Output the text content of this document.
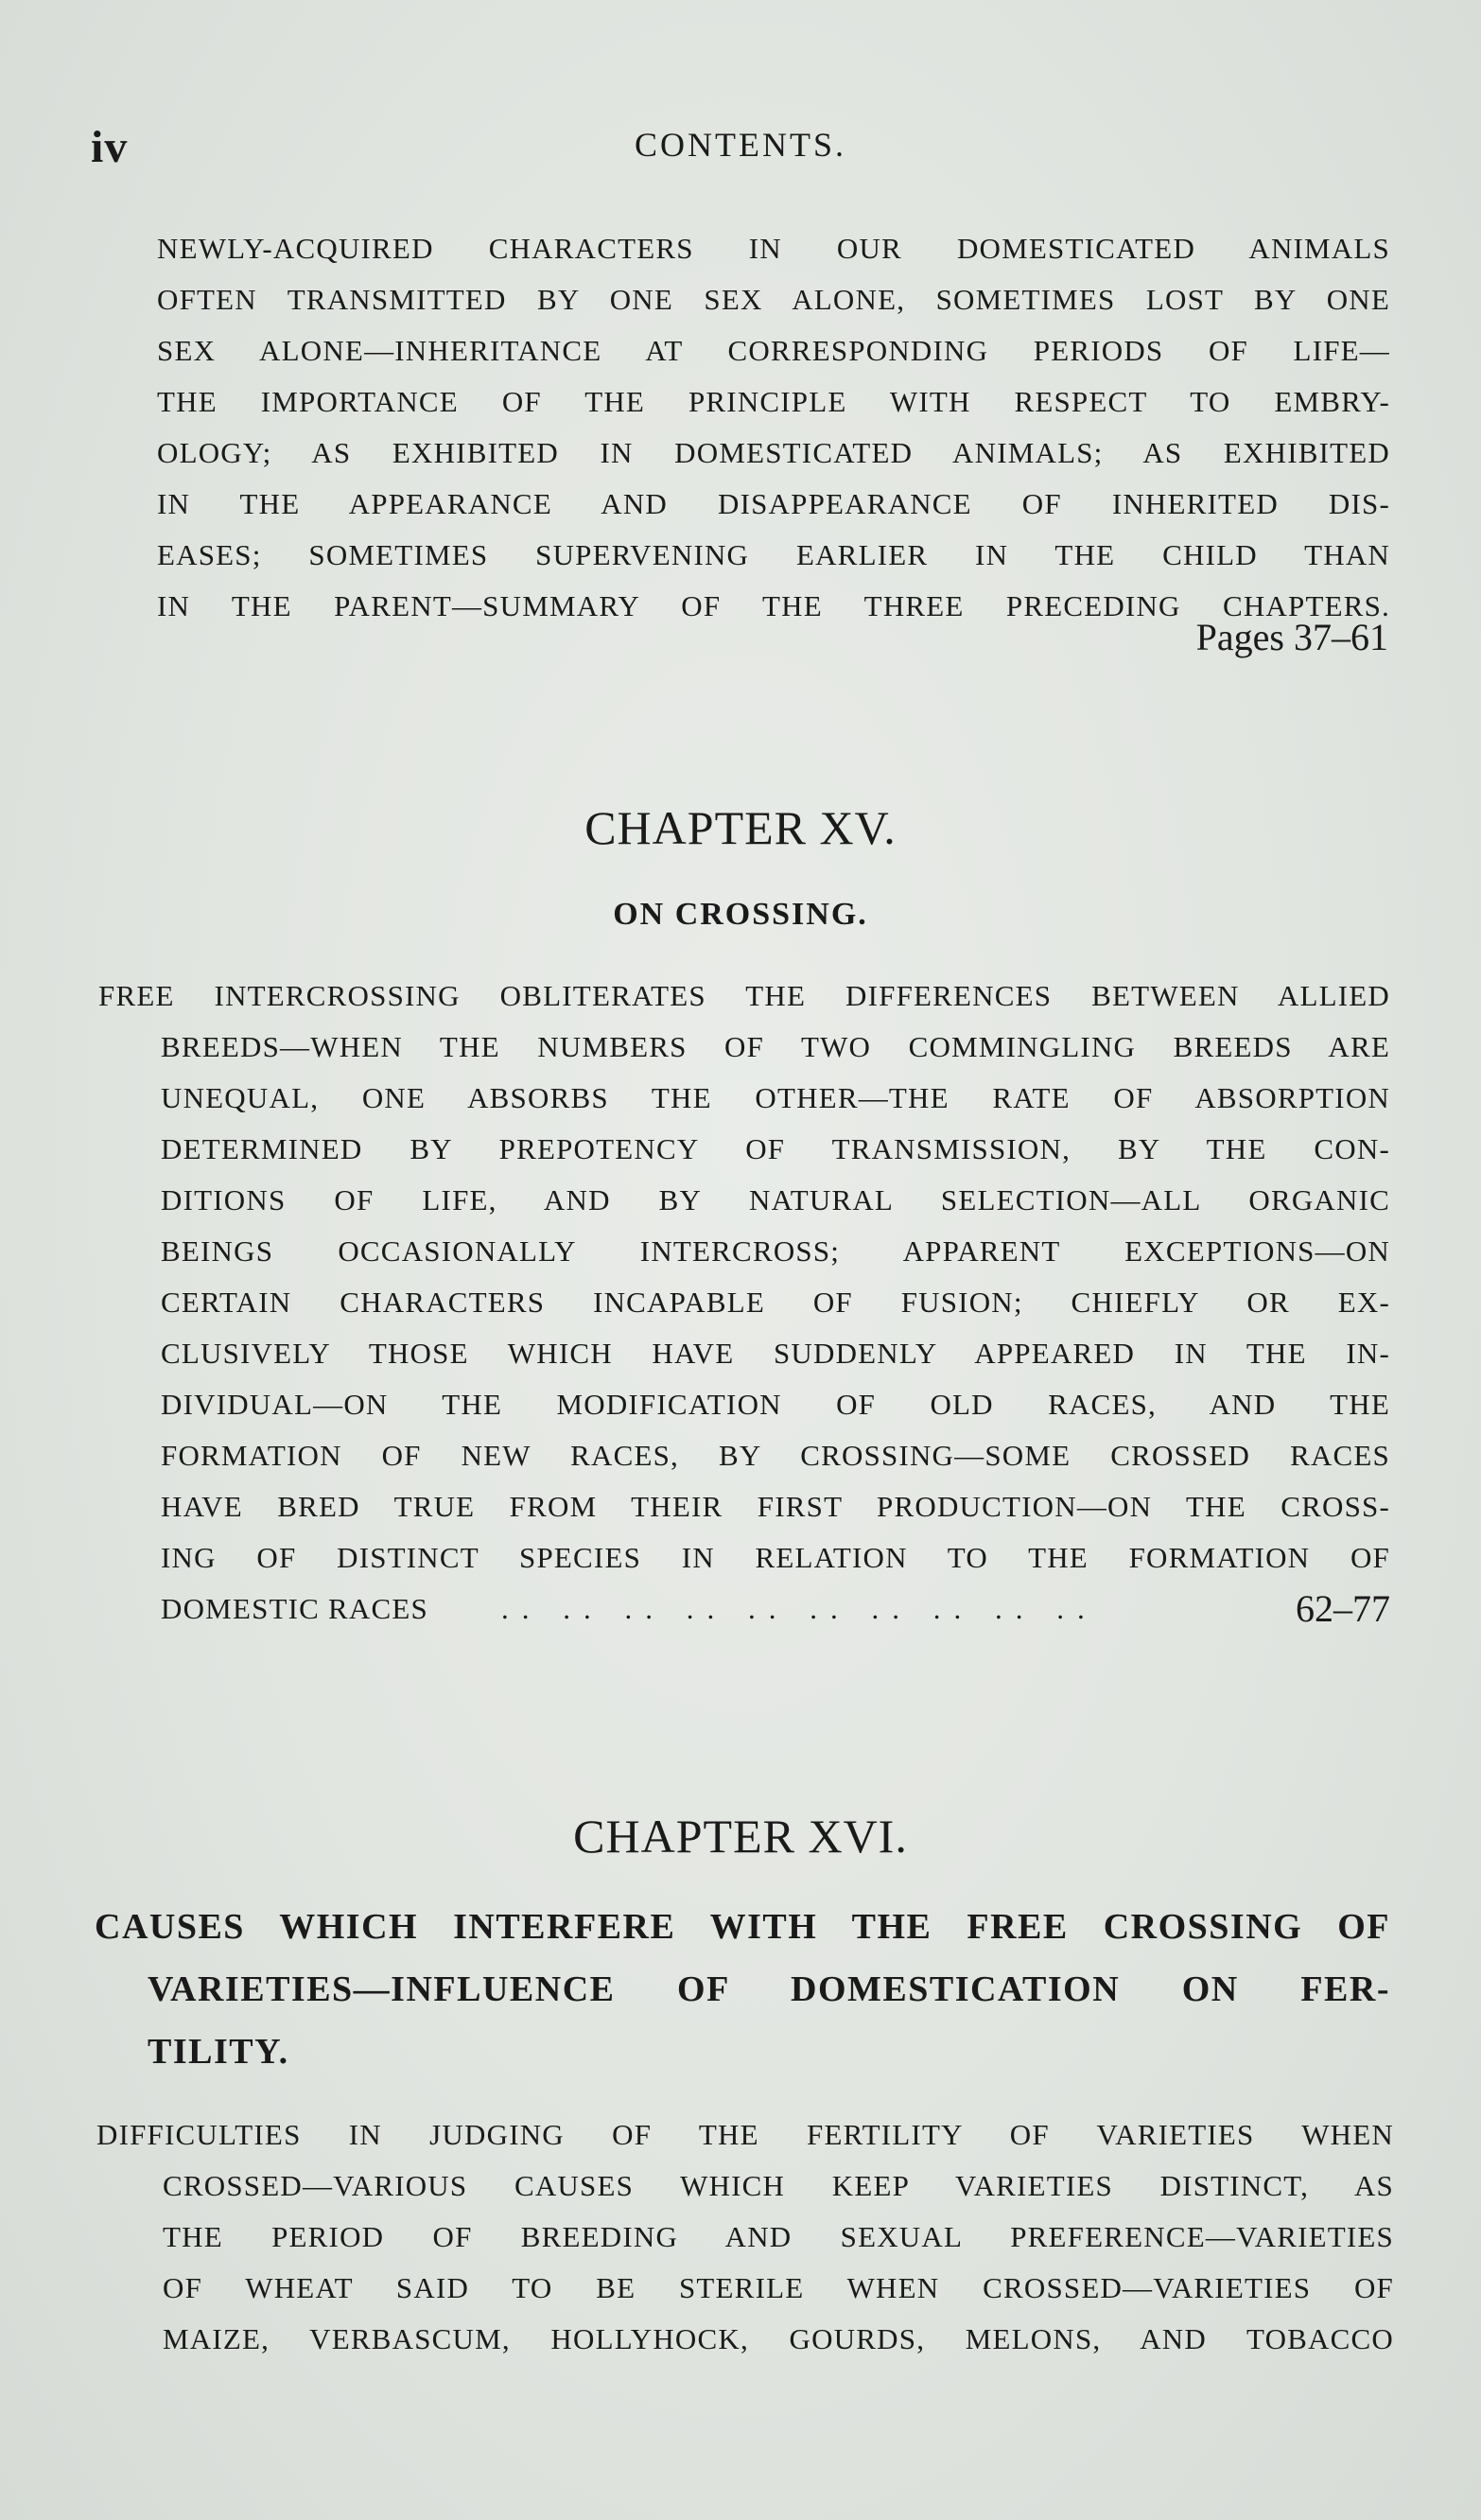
iv	CONTENTS.
NEWLY-ACQUIRED CHARACTERS IN OUR DOMESTICATED ANIMALS
OFTEN TRANSMITTED BY ONE SEX ALONE, SOMETIMES LOST BY ONE
SEX ALONE—INHERITANCE AT CORRESPONDING PERIODS OF LIFE—
THE IMPORTANCE OF THE PRINCIPLE WITH RESPECT TO EMBRY-
OLOGY; AS EXHIBITED IN DOMESTICATED ANIMALS; AS EXHIBITED
IN THE APPEARANCE AND DISAPPEARANCE OF INHERITED DIS-
EASES; SOMETIMES SUPERVENING EARLIER IN THE CHILD THAN
IN THE PARENT—SUMMARY OF THE THREE PRECEDING CHAPTERS.
Pages 37–61
CHAPTER XV.
ON CROSSING.
FREE INTERCROSSING OBLITERATES THE DIFFERENCES BETWEEN ALLIED
BREEDS—WHEN THE NUMBERS OF TWO COMMINGLING BREEDS ARE
UNEQUAL, ONE ABSORBS THE OTHER—THE RATE OF ABSORPTION
DETERMINED BY PREPOTENCY OF TRANSMISSION, BY THE CON-
DITIONS OF LIFE, AND BY NATURAL SELECTION—ALL ORGANIC
BEINGS OCCASIONALLY INTERCROSS; APPARENT EXCEPTIONS—ON
CERTAIN CHARACTERS INCAPABLE OF FUSION; CHIEFLY OR EX-
CLUSIVELY THOSE WHICH HAVE SUDDENLY APPEARED IN THE IN-
DIVIDUAL—ON THE MODIFICATION OF OLD RACES, AND THE
FORMATION OF NEW RACES, BY CROSSING—SOME CROSSED RACES
HAVE BRED TRUE FROM THEIR FIRST PRODUCTION—ON THE CROSS-
ING OF DISTINCT SPECIES IN RELATION TO THE FORMATION OF
DOMESTIC RACES .. .. .. .. .. .. .. .. .. ..	62–77
CHAPTER XVI.
CAUSES WHICH INTERFERE WITH THE FREE CROSSING OF
VARIETIES—INFLUENCE OF DOMESTICATION ON FER-
TILITY.
DIFFICULTIES IN JUDGING OF THE FERTILITY OF VARIETIES WHEN
CROSSED—VARIOUS CAUSES WHICH KEEP VARIETIES DISTINCT, AS
THE PERIOD OF BREEDING AND SEXUAL PREFERENCE—VARIETIES
OF WHEAT SAID TO BE STERILE WHEN CROSSED—VARIETIES OF
MAIZE, VERBASCUM, HOLLYHOCK, GOURDS, MELONS, AND TOBACCO
